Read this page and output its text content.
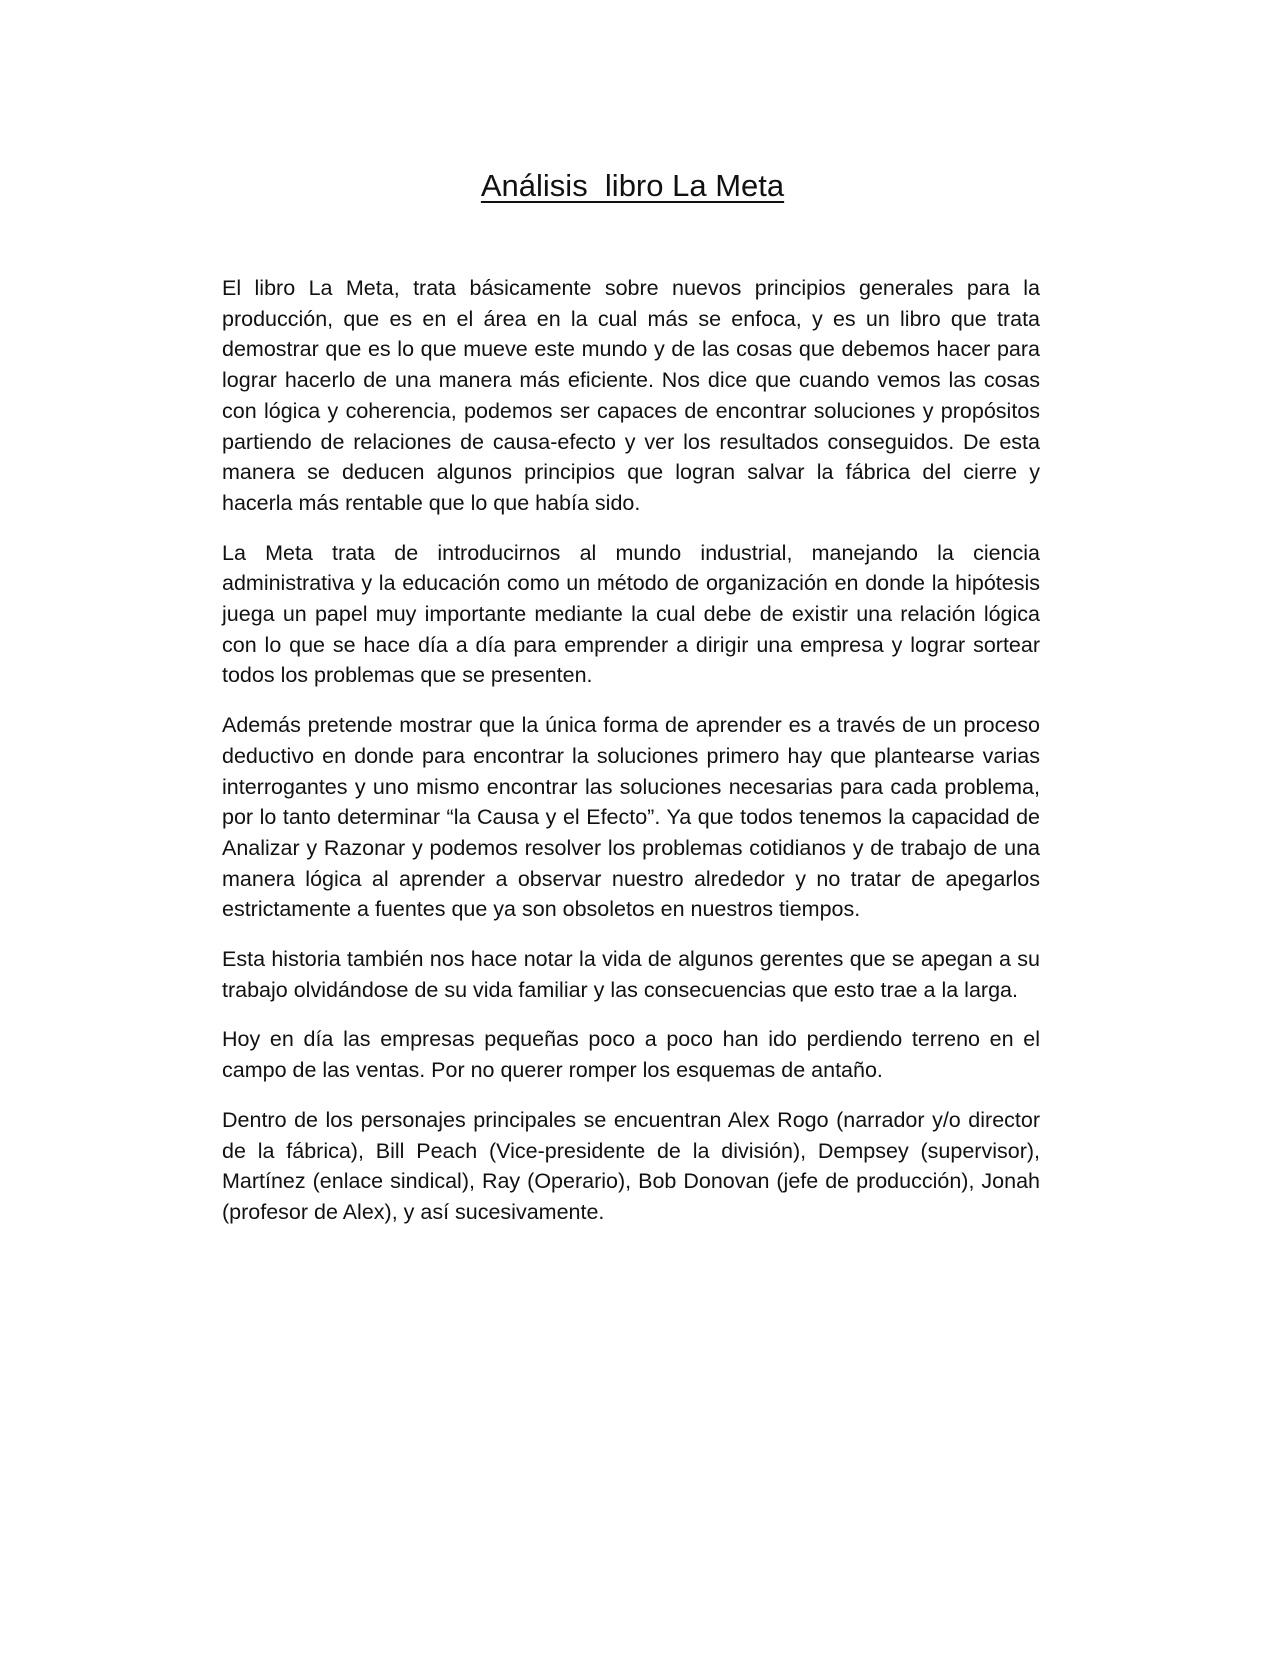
Análisis  libro La Meta

El libro La Meta, trata básicamente sobre nuevos principios generales para la producción, que es en el área en la cual más se enfoca, y es un libro que trata demostrar que es lo que mueve este mundo y de las cosas que debemos hacer para lograr hacerlo de una manera más eficiente. Nos dice que cuando vemos las cosas con lógica y coherencia, podemos ser capaces de encontrar soluciones y propósitos partiendo de relaciones de causa-efecto y ver los resultados conseguidos. De esta manera se deducen algunos principios que logran salvar la fábrica del cierre y hacerla más rentable que lo que había sido.

La Meta trata de introducirnos al mundo industrial, manejando la ciencia administrativa y la educación como un método de organización en donde la hipótesis juega un papel muy importante mediante la cual debe de existir una relación lógica con lo que se hace día a día para emprender a dirigir una empresa y lograr sortear todos los problemas que se presenten.

Además pretende mostrar que la única forma de aprender es a través de un proceso deductivo en donde para encontrar la soluciones primero hay que plantearse varias interrogantes y uno mismo encontrar las soluciones necesarias para cada problema, por lo tanto determinar “la Causa y el Efecto”. Ya que todos tenemos la capacidad de Analizar y Razonar y podemos resolver los problemas cotidianos y de trabajo de una manera lógica al aprender a observar nuestro alrededor y no tratar de apegarlos estrictamente a fuentes que ya son obsoletos en nuestros tiempos.

Esta historia también nos hace notar la vida de algunos gerentes que se apegan a su trabajo olvidándose de su vida familiar y las consecuencias que esto trae a la larga.

Hoy en día las empresas pequeñas poco a poco han ido perdiendo terreno en el campo de las ventas. Por no querer romper los esquemas de antaño.

Dentro de los personajes principales se encuentran Alex Rogo (narrador y/o director de la fábrica), Bill Peach (Vice-presidente de la división), Dempsey (supervisor), Martínez (enlace sindical), Ray (Operario), Bob Donovan (jefe de producción), Jonah (profesor de Alex), y así sucesivamente.
